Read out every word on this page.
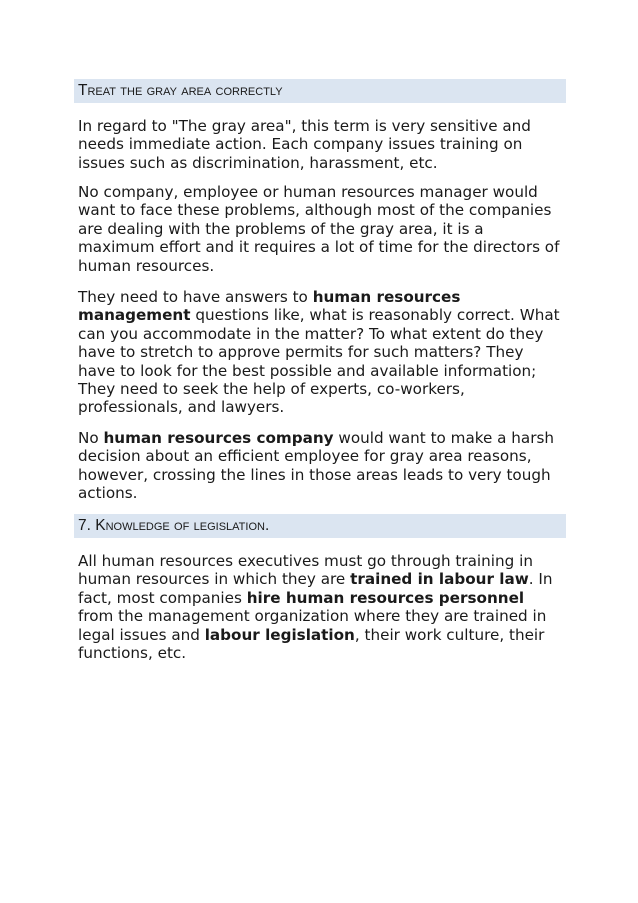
Treat the gray area correctly

In regard to "The gray area", this term is very sensitive and needs immediate action. Each company issues training on issues such as discrimination, harassment, etc.

No company, employee or human resources manager would want to face these problems, although most of the companies are dealing with the problems of the gray area, it is a maximum effort and it requires a lot of time for the directors of human resources.

They need to have answers to human resources management questions like, what is reasonably correct. What can you accommodate in the matter? To what extent do they have to stretch to approve permits for such matters? They have to look for the best possible and available information; They need to seek the help of experts, co-workers, professionals, and lawyers.

No human resources company would want to make a harsh decision about an efficient employee for gray area reasons, however, crossing the lines in those areas leads to very tough actions.

7. Knowledge of legislation.

All human resources executives must go through training in human resources in which they are trained in labour law. In fact, most companies hire human resources personnel from the management organization where they are trained in legal issues and labour legislation, their work culture, their functions, etc.
